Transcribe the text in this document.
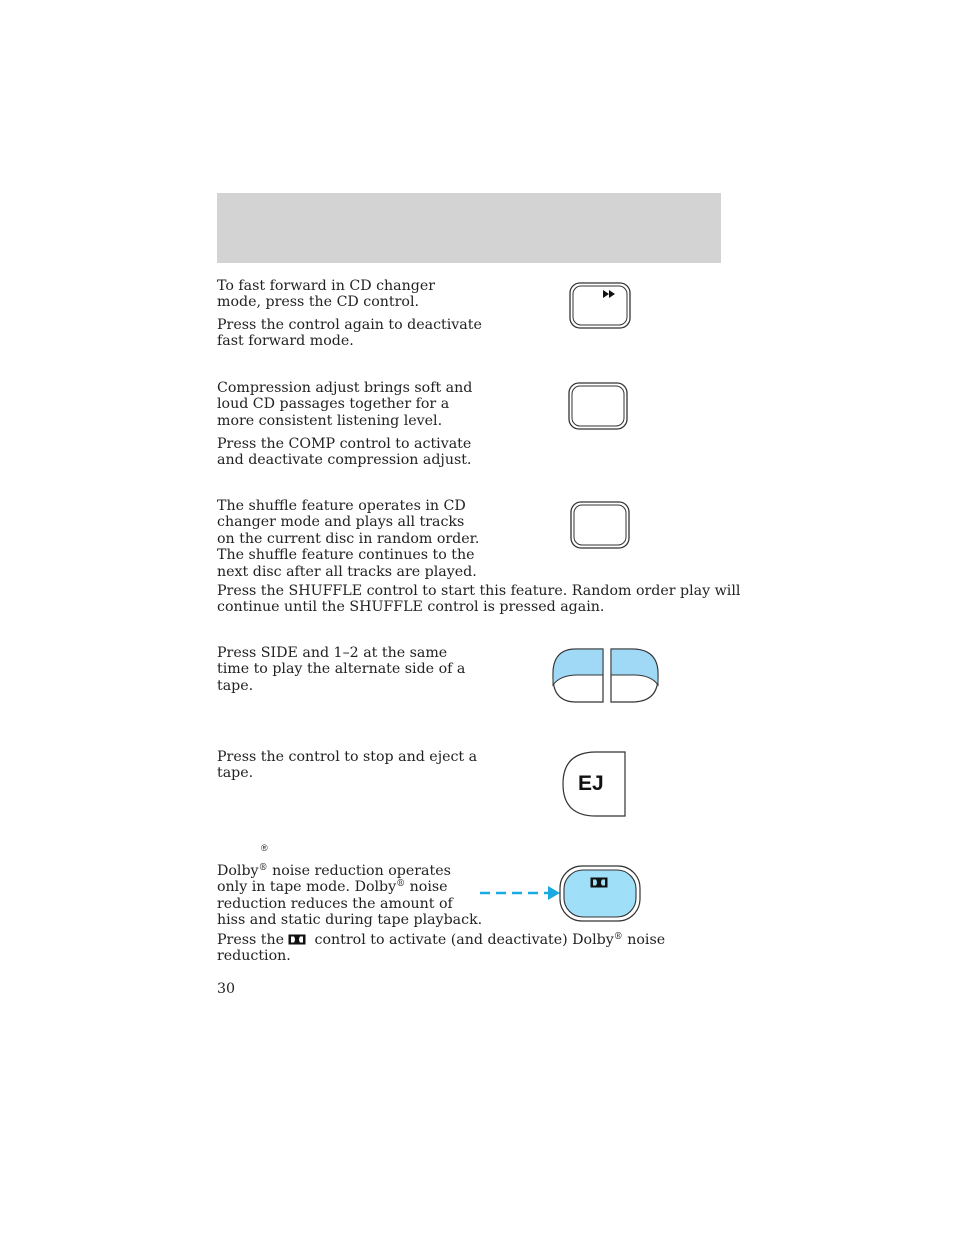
To fast forward in CD changer
mode, press the CD control.

Press the control again to deactivate
fast forward mode.

Compression adjust brings soft and
loud CD passages together for a
more consistent listening level.

Press the COMP control to activate
and deactivate compression adjust.

The shuffle feature operates in CD
changer mode and plays all tracks
on the current disc in random order.
The shuffle feature continues to the
next disc after all tracks are played.

Press the SHUFFLE control to start this feature. Random order play will
continue until the SHUFFLE control is pressed again.

Press SIDE and 1–2 at the same
time to play the alternate side of a
tape.

Press the control to stop and eject a
tape.	EJ
®

Dolby® noise reduction operates
only in tape mode. Dolby® noise
reduction reduces the amount of
hiss and static during tape playback.

Press the control to activate (and deactivate) Dolby® noise
reduction.

30
